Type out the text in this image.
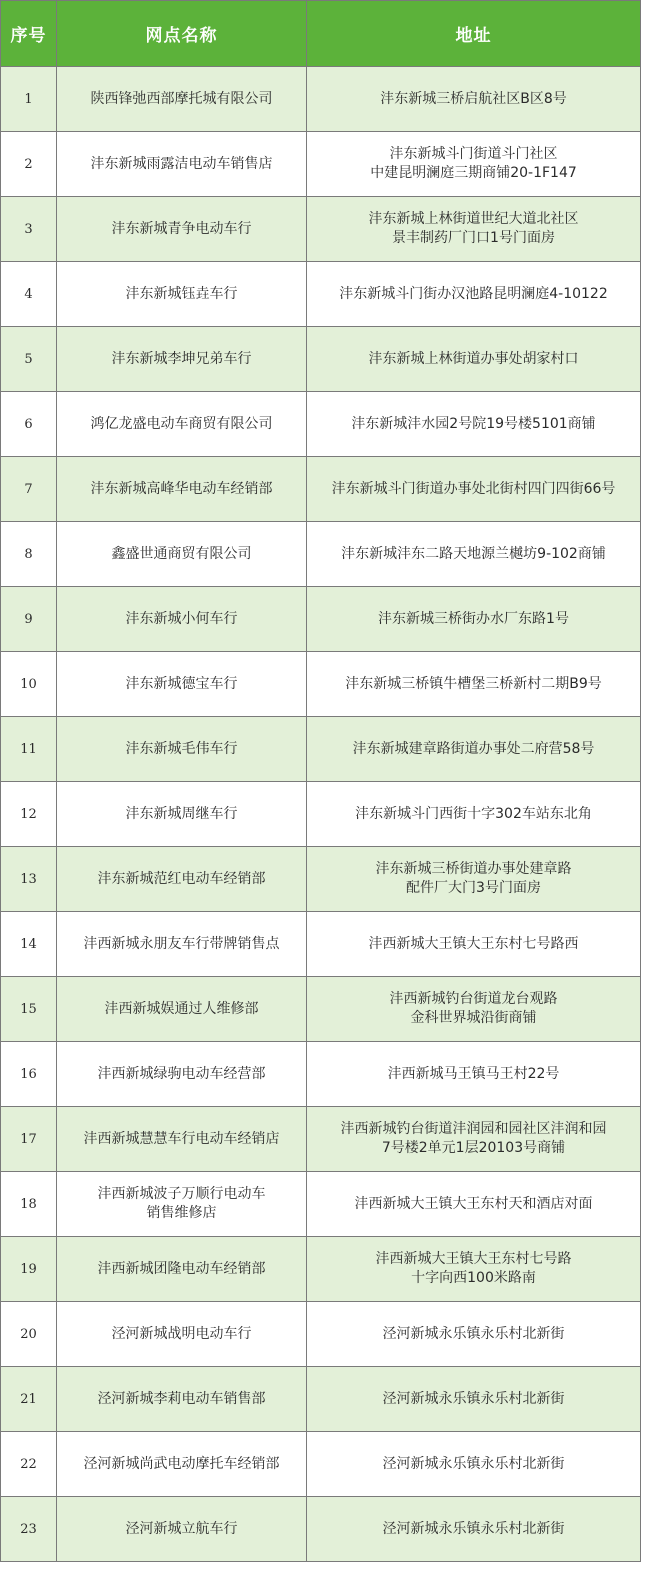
序号	网点名称	地址
1	陕西锋弛西部摩托城有限公司	沣东新城三桥启航社区B区8号

2	沣东新城雨露洁电动车销售店	沣东新城斗门街道斗门社区
中建昆明澜庭三期商铺20-1F147

3	沣东新城青争电动车行	沣东新城上林街道世纪大道北社区
景丰制药厂门口1号门面房

4	沣东新城钰垚车行	沣东新城斗门街办汉池路昆明澜庭4-10122

5	沣东新城李坤兄弟车行	沣东新城上林街道办事处胡家村口

6	鸿亿龙盛电动车商贸有限公司	沣东新城沣水园2号院19号楼5101商铺

7	沣东新城高峰华电动车经销部	沣东新城斗门街道办事处北街村四门四街66号

8	鑫盛世通商贸有限公司	沣东新城沣东二路天地源兰樾坊9-102商铺

9	沣东新城小何车行	沣东新城三桥街办水厂东路1号

10	沣东新城德宝车行	沣东新城三桥镇牛槽堡三桥新村二期B9号

11	沣东新城毛伟车行	沣东新城建章路街道办事处二府营58号

12	沣东新城周继车行	沣东新城斗门西街十字302车站东北角

13	沣东新城范红电动车经销部	沣东新城三桥街道办事处建章路
配件厂大门3号门面房

14	沣西新城永朋友车行带牌销售点	沣西新城大王镇大王东村七号路西

15	沣西新城娱通过人维修部	沣西新城钓台街道龙台观路
金科世界城沿街商铺

16	沣西新城绿驹电动车经营部	沣西新城马王镇马王村22号

17	沣西新城慧慧车行电动车经销店	沣西新城钓台街道沣润园和园社区沣润和园
7号楼2单元1层20103号商铺

18	沣西新城波子万顺行电动车
销售维修店	沣西新城大王镇大王东村天和酒店对面

19	沣西新城团隆电动车经销部	沣西新城大王镇大王东村七号路
十字向西100米路南

20	泾河新城战明电动车行	泾河新城永乐镇永乐村北新街

21	泾河新城李莉电动车销售部	泾河新城永乐镇永乐村北新街

22	泾河新城尚武电动摩托车经销部	泾河新城永乐镇永乐村北新街

23	泾河新城立航车行	泾河新城永乐镇永乐村北新街
